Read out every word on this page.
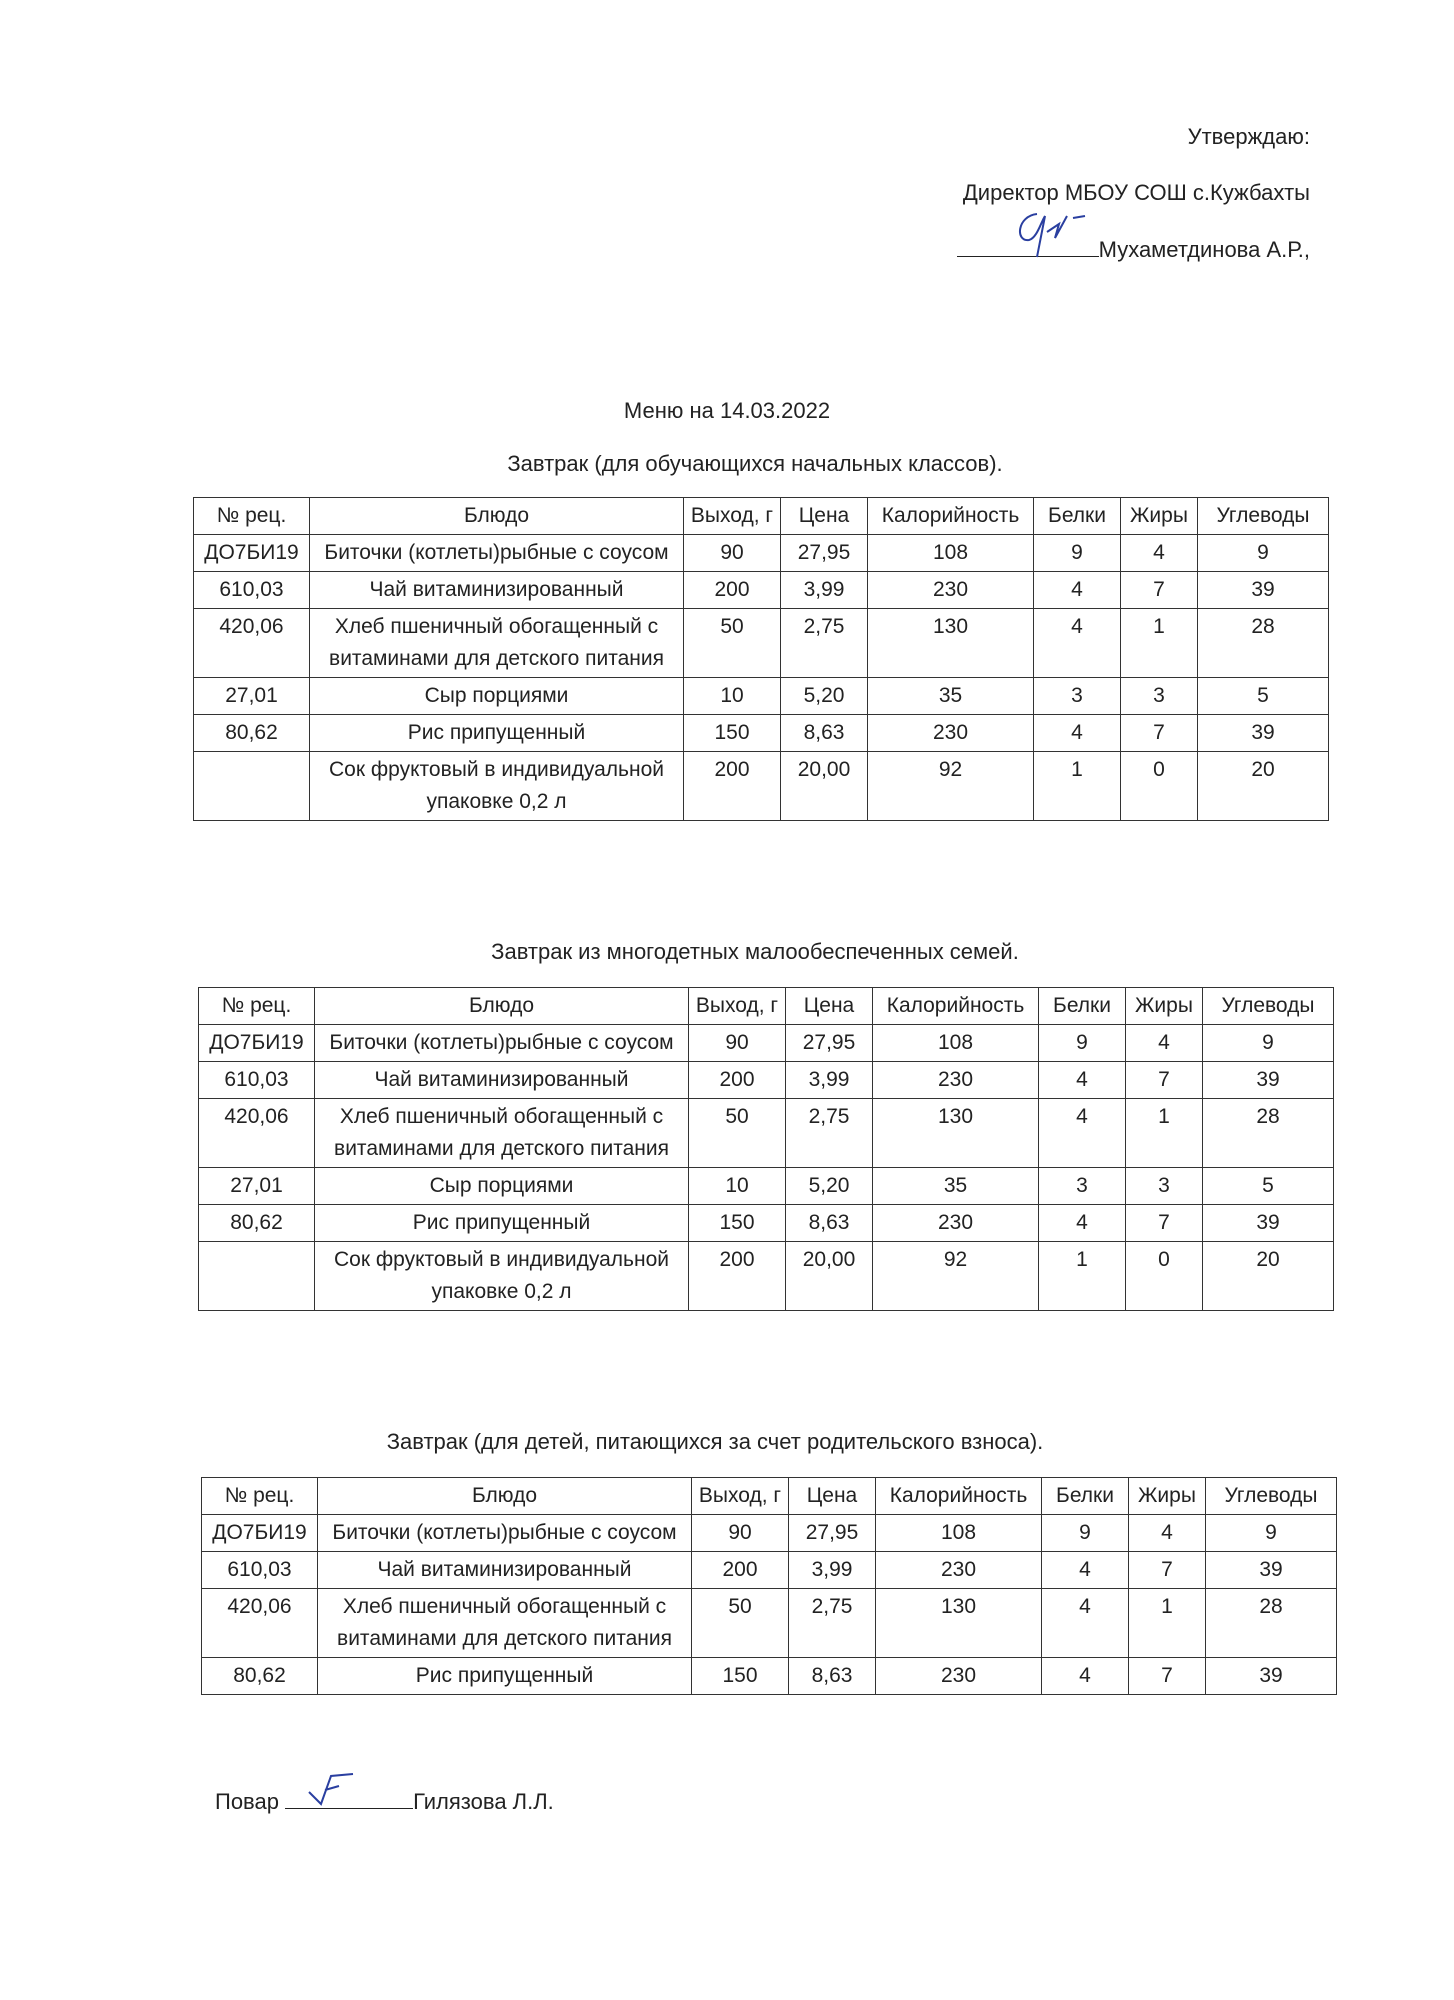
Утверждаю:
Директор МБОУ СОШ с.Кужбахты
Мухаметдинова А.Р.,
Меню на 14.03.2022
Завтрак (для обучающихся начальных классов).
№ рец.	Блюдо	Выход, г	Цена	Калорийность	Белки	Жиры	Углеводы
ДО7БИ19	Биточки (котлеты)рыбные с соусом	90	27,95	108	9	4	9
610,03	Чай витаминизированный	200	3,99	230	4	7	39
420,06	Хлеб пшеничный обогащенный с витаминами для детского питания	50	2,75	130	4	1	28
27,01	Сыр порциями	10	5,20	35	3	3	5
80,62	Рис припущенный	150	8,63	230	4	7	39
	Сок фруктовый в индивидуальной упаковке 0,2 л	200	20,00	92	1	0	20
Завтрак из многодетных малообеспеченных семей.
№ рец.	Блюдо	Выход, г	Цена	Калорийность	Белки	Жиры	Углеводы
ДО7БИ19	Биточки (котлеты)рыбные с соусом	90	27,95	108	9	4	9
610,03	Чай витаминизированный	200	3,99	230	4	7	39
420,06	Хлеб пшеничный обогащенный с витаминами для детского питания	50	2,75	130	4	1	28
27,01	Сыр порциями	10	5,20	35	3	3	5
80,62	Рис припущенный	150	8,63	230	4	7	39
	Сок фруктовый в индивидуальной упаковке 0,2 л	200	20,00	92	1	0	20
Завтрак (для детей, питающихся за счет родительского взноса).
№ рец.	Блюдо	Выход, г	Цена	Калорийность	Белки	Жиры	Углеводы
ДО7БИ19	Биточки (котлеты)рыбные с соусом	90	27,95	108	9	4	9
610,03	Чай витаминизированный	200	3,99	230	4	7	39
420,06	Хлеб пшеничный обогащенный с витаминами для детского питания	50	2,75	130	4	1	28
80,62	Рис припущенный	150	8,63	230	4	7	39
Повар	Гилязова Л.Л.
